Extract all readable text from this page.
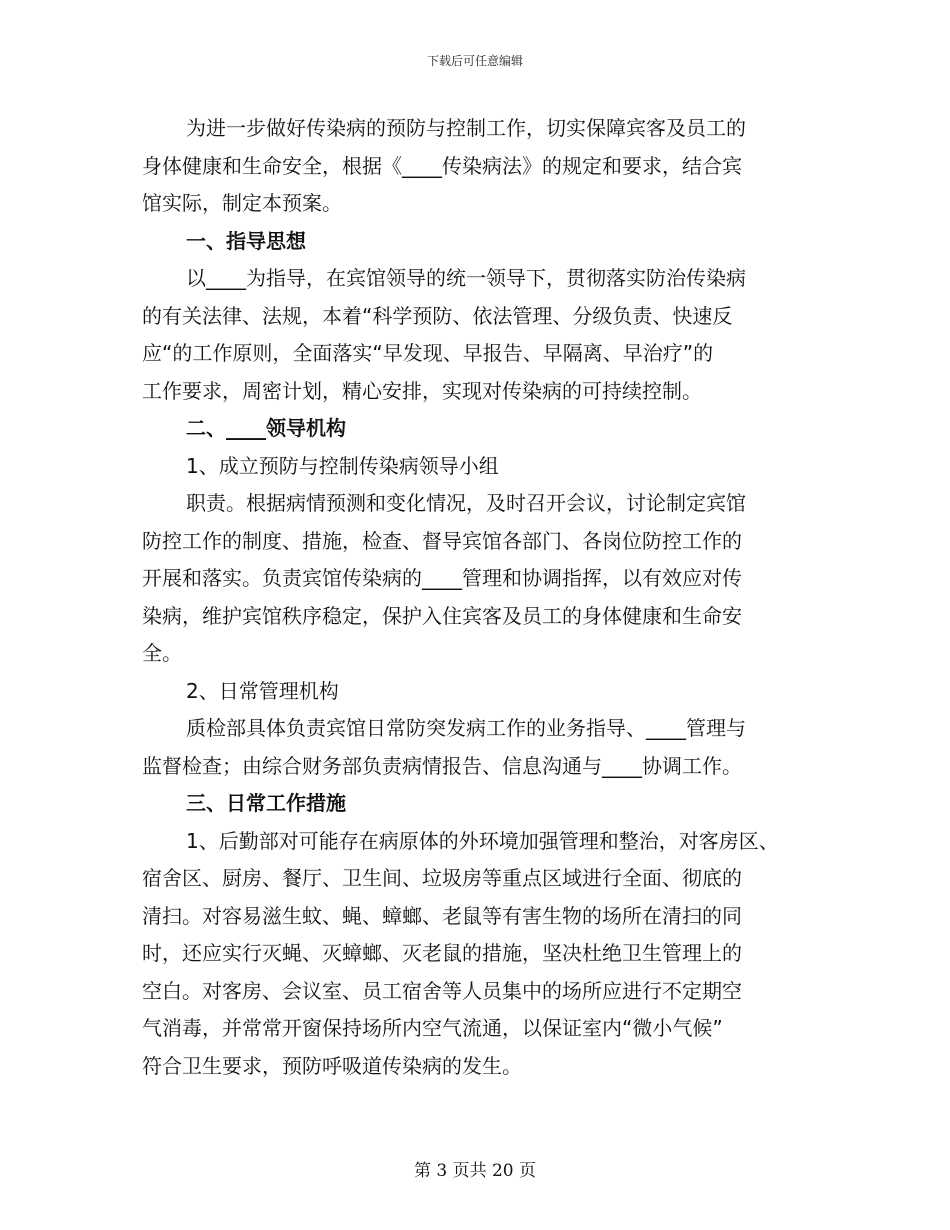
下载后可任意编辑
为进一步做好传染病的预防与控制工作，切实保障宾客及员工的
身体健康和生命安全，根据《____传染病法》的规定和要求，结合宾
馆实际，制定本预案。
一、指导思想
以____为指导，在宾馆领导的统一领导下，贯彻落实防治传染病
的有关法律、法规，本着“科学预防、依法管理、分级负责、快速反
应“的工作原则，全面落实“早发现、早报告、早隔离、早治疗”的
工作要求，周密计划，精心安排，实现对传染病的可持续控制。
二、____领导机构
1、成立预防与控制传染病领导小组
职责。根据病情预测和变化情况，及时召开会议，讨论制定宾馆
防控工作的制度、措施，检查、督导宾馆各部门、各岗位防控工作的
开展和落实。负责宾馆传染病的____管理和协调指挥，以有效应对传
染病，维护宾馆秩序稳定，保护入住宾客及员工的身体健康和生命安
全。
2、日常管理机构
质检部具体负责宾馆日常防突发病工作的业务指导、____管理与
监督检查；由综合财务部负责病情报告、信息沟通与____协调工作。
三、日常工作措施
1、后勤部对可能存在病原体的外环境加强管理和整治，对客房区、
宿舍区、厨房、餐厅、卫生间、垃圾房等重点区域进行全面、彻底的
清扫。对容易滋生蚊、蝇、蟑螂、老鼠等有害生物的场所在清扫的同
时，还应实行灭蝇、灭蟑螂、灭老鼠的措施，坚决杜绝卫生管理上的
空白。对客房、会议室、员工宿舍等人员集中的场所应进行不定期空
气消毒，并常常开窗保持场所内空气流通，以保证室内“微小气候”
符合卫生要求，预防呼吸道传染病的发生。
第 3 页共 20 页
